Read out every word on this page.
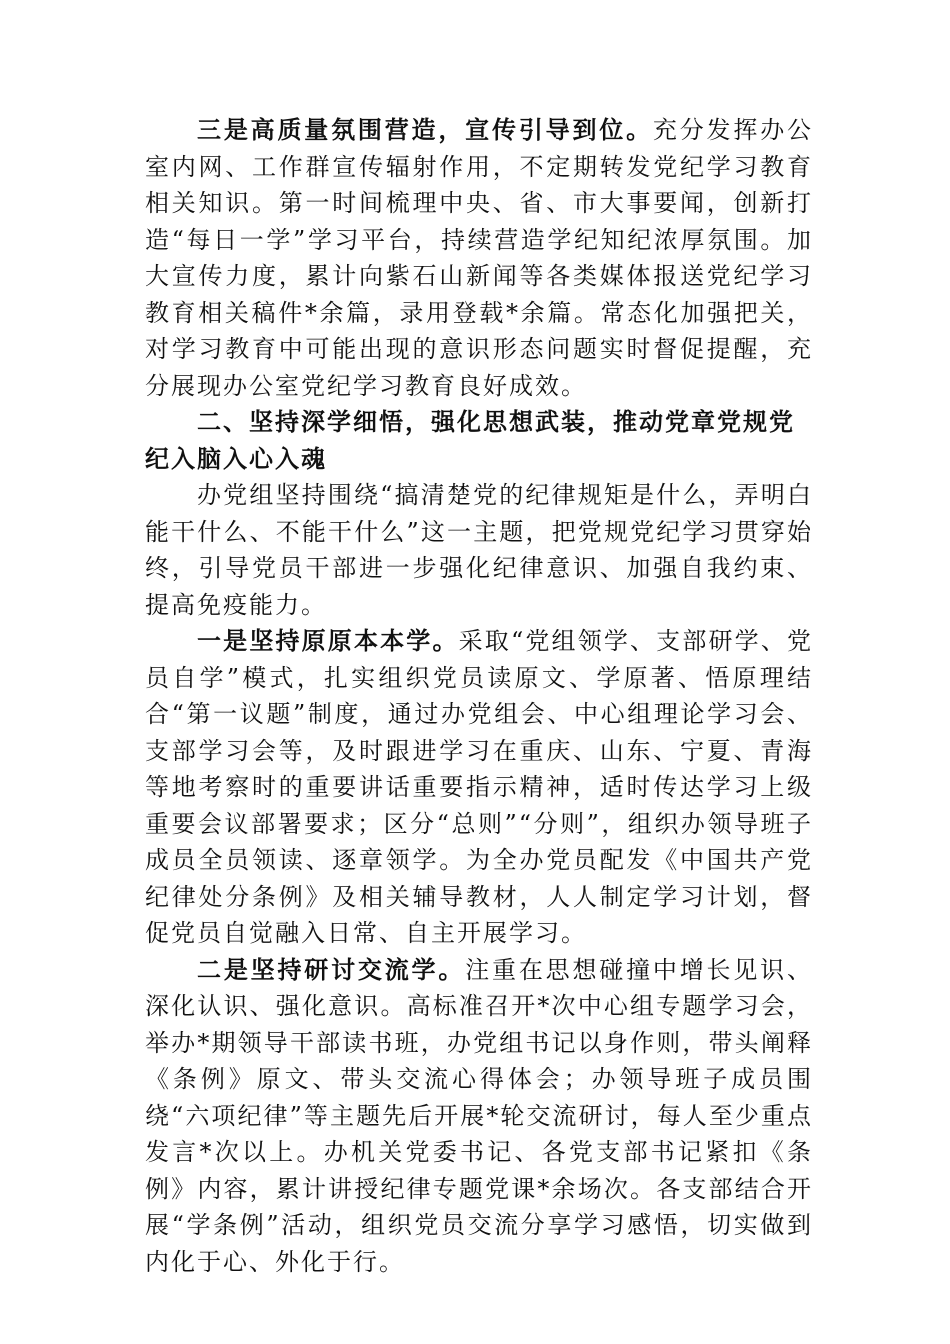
三是高质量氛围营造，宣传引导到位。充分发挥办公室内网、工作群宣传辐射作用，不定期转发党纪学习教育相关知识。第一时间梳理中央、省、市大事要闻，创新打造“每日一学”学习平台，持续营造学纪知纪浓厚氛围。加大宣传力度，累计向紫石山新闻等各类媒体报送党纪学习教育相关稿件*余篇，录用登载*余篇。常态化加强把关，对学习教育中可能出现的意识形态问题实时督促提醒，充分展现办公室党纪学习教育良好成效。

二、坚持深学细悟，强化思想武装，推动党章党规党纪入脑入心入魂

办党组坚持围绕“搞清楚党的纪律规矩是什么，弄明白能干什么、不能干什么”这一主题，把党规党纪学习贯穿始终，引导党员干部进一步强化纪律意识、加强自我约束、提高免疫能力。

一是坚持原原本本学。采取“党组领学、支部研学、党员自学”模式，扎实组织党员读原文、学原著、悟原理结合“第一议题”制度，通过办党组会、中心组理论学习会、支部学习会等，及时跟进学习在重庆、山东、宁夏、青海等地考察时的重要讲话重要指示精神，适时传达学习上级重要会议部署要求；区分“总则”“分则”，组织办领导班子成员全员领读、逐章领学。为全办党员配发《中国共产党纪律处分条例》及相关辅导教材，人人制定学习计划，督促党员自觉融入日常、自主开展学习。

二是坚持研讨交流学。注重在思想碰撞中增长见识、深化认识、强化意识。高标准召开*次中心组专题学习会，举办*期领导干部读书班，办党组书记以身作则，带头阐释《条例》原文、带头交流心得体会；办领导班子成员围绕“六项纪律”等主题先后开展*轮交流研讨，每人至少重点发言*次以上。办机关党委书记、各党支部书记紧扣《条例》内容，累计讲授纪律专题党课*余场次。各支部结合开展“学条例”活动，组织党员交流分享学习感悟，切实做到内化于心、外化于行。
